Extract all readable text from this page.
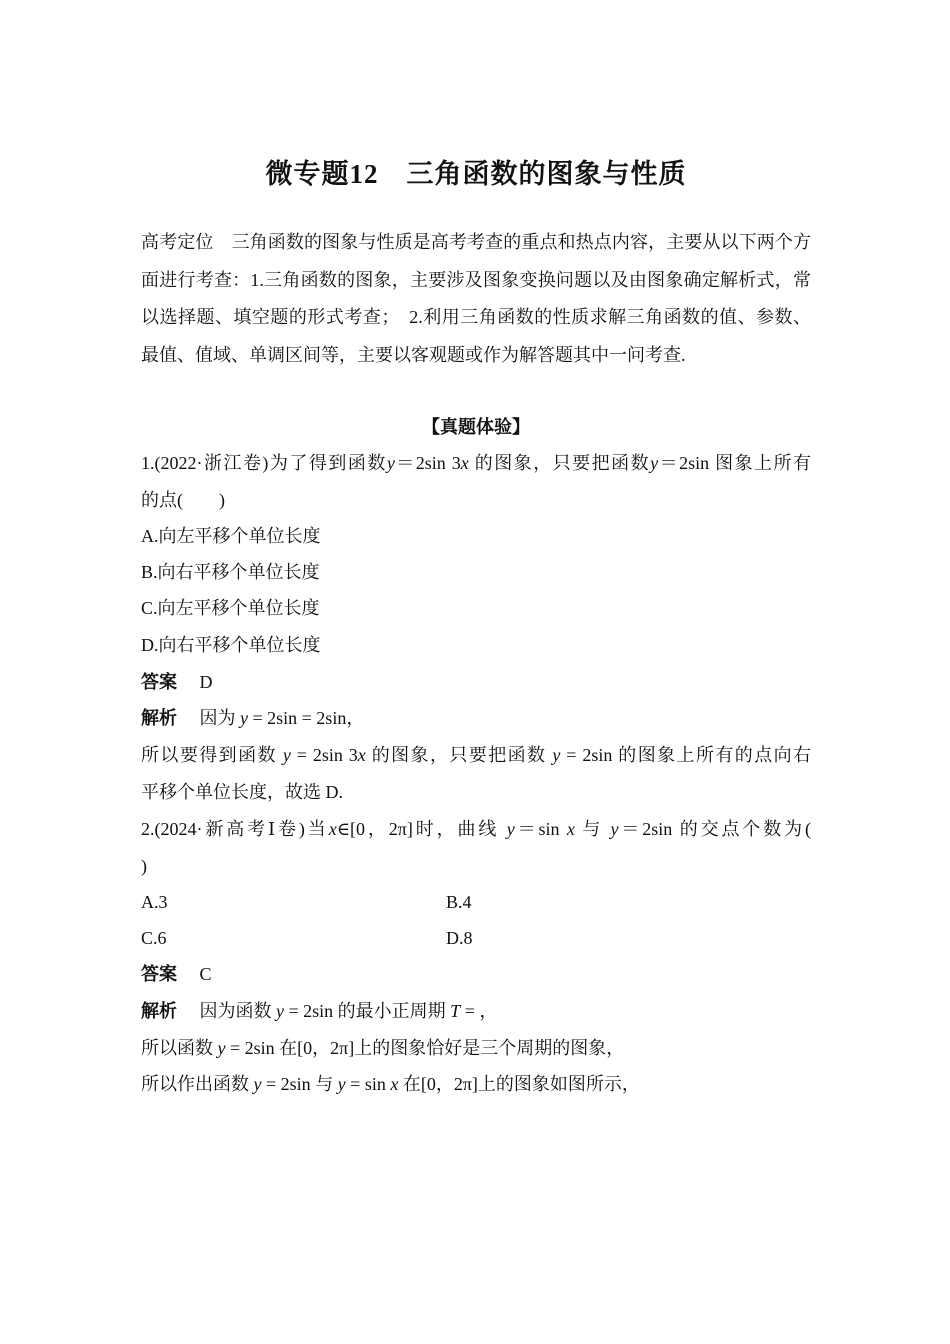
微专题12　三角函数的图象与性质
高考定位　三角函数的图象与性质是高考考查的重点和热点内容，主要从以下两个方面进行考查：1.三角函数的图象，主要涉及图象变换问题以及由图象确定解析式，常以选择题、填空题的形式考查；　2.利用三角函数的性质求解三角函数的值、参数、最值、值域、单调区间等，主要以客观题或作为解答题其中一问考查.
【真题体验】
1.(2022·浙江卷)为了得到函数y＝2sin 3x 的图象，只要把函数y＝2sin 图象上所有
的点(　　)
A.向左平移个单位长度
B.向右平移个单位长度
C.向左平移个单位长度
D.向右平移个单位长度
答案　 D
解析　 因为 y = 2sin = 2sin，
所以要得到函数 y = 2sin 3x 的图象，只要把函数 y = 2sin 的图象上所有的点向右
平移个单位长度，故选 D.
2.(2024·新高考Ⅰ卷)当x∈[0，2π]时，曲线 y＝sin x 与 y＝2sin 的交点个数为(
)
A.3	B.4
C.6	D.8
答案　 C
解析　 因为函数 y = 2sin 的最小正周期 T = ，
所以函数 y = 2sin 在[0，2π]上的图象恰好是三个周期的图象，
所以作出函数 y = 2sin 与 y = sin x 在[0，2π]上的图象如图所示，
